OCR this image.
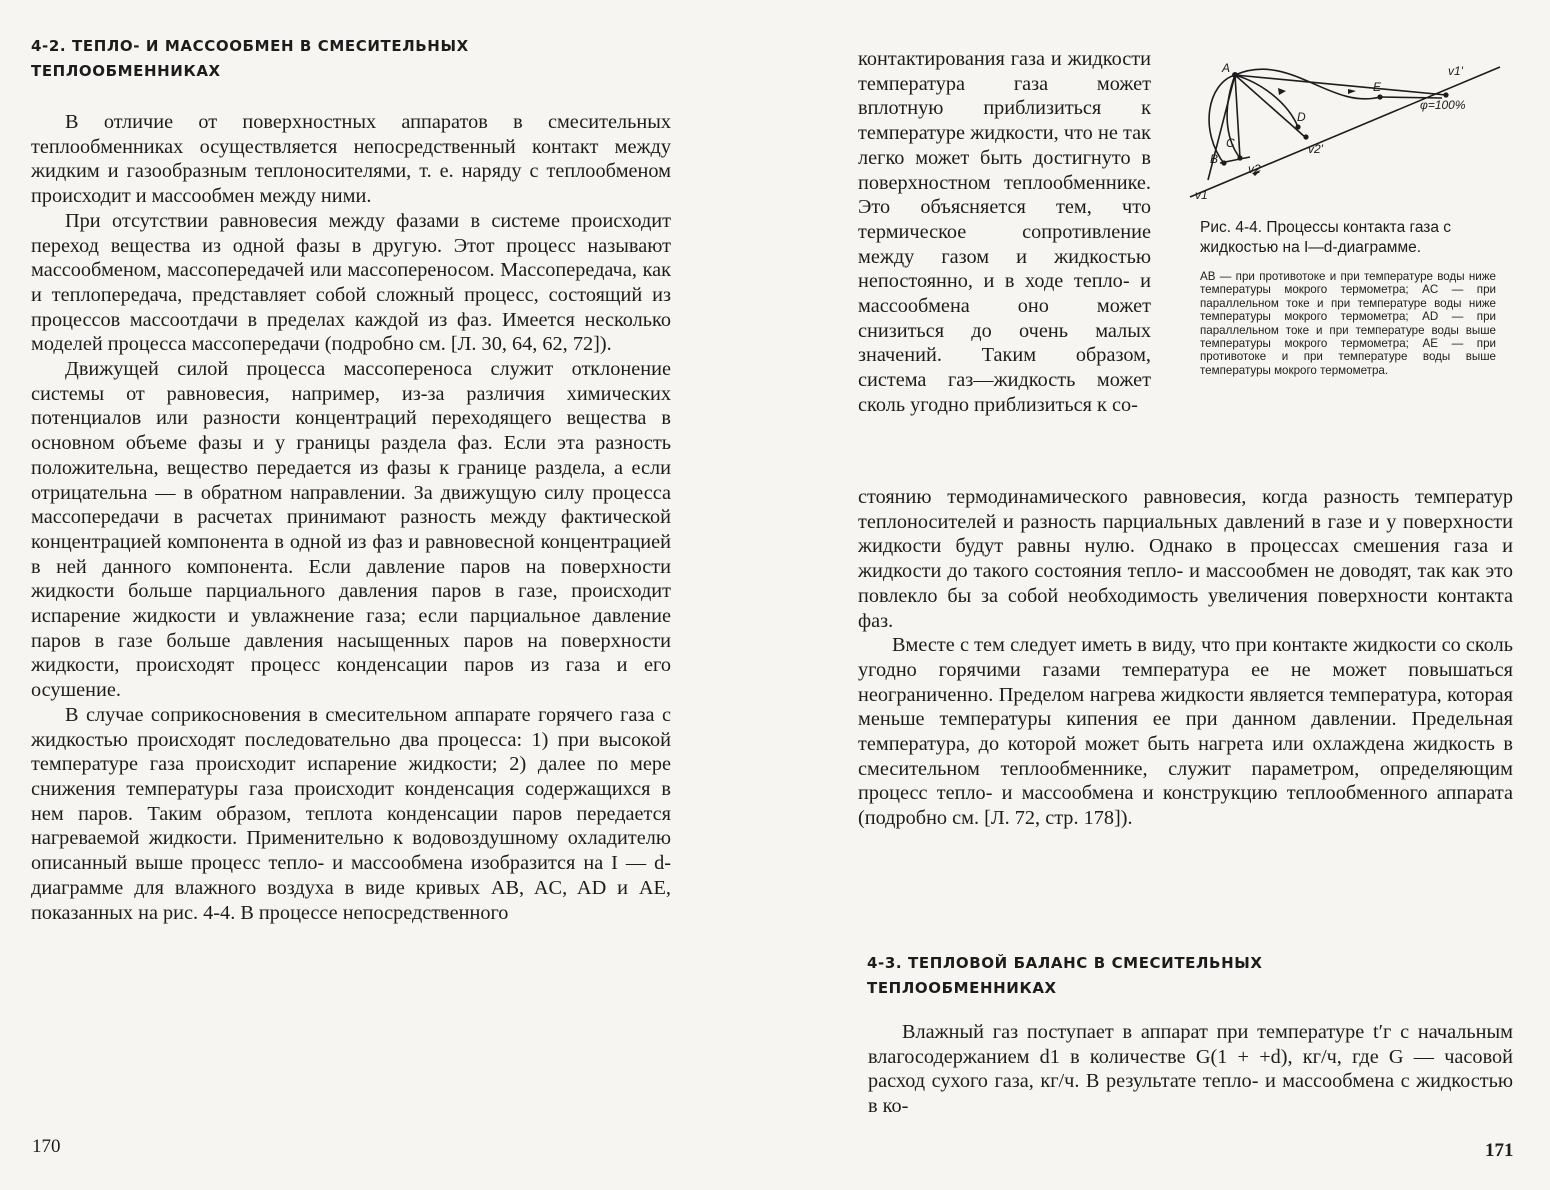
4-2. ТЕПЛО- И МАССООБМЕН В СМЕСИТЕЛЬНЫХ
ТЕПЛООБМЕННИКАХ

В отличие от поверхностных аппаратов в смесительных теплообменниках осуществляется непосредственный контакт между жидким и газообразным теплоносителями, т. е. наряду с теплообменом происходит и массообмен между ними.

При отсутствии равновесия между фазами в системе происходит переход вещества из одной фазы в другую. Этот процесс называют массообменом, массопередачей или массопереносом. Массопередача, как и теплопередача, представляет собой сложный процесс, состоящий из процессов массоотдачи в пределах каждой из фаз. Имеется несколько моделей процесса массопередачи (подробно см. [Л. 30, 64, 62, 72]).

Движущей силой процесса массопереноса служит отклонение системы от равновесия, например, из-за различия химических потенциалов или разности концентраций переходящего вещества в основном объеме фазы и у границы раздела фаз. Если эта разность положительна, вещество передается из фазы к границе раздела, а если отрицательна — в обратном направлении. За движущую силу процесса массопередачи в расчетах принимают разность между фактической концентрацией компонента в одной из фаз и равновесной концентрацией в ней данного компонента. Если давление паров на поверхности жидкости больше парциального давления паров в газе, происходит испарение жидкости и увлажнение газа; если парциальное давление паров в газе больше давления насыщенных паров на поверхности жидкости, происходят процесс конденсации паров из газа и его осушение.

В случае соприкосновения в смесительном аппарате горячего газа с жидкостью происходят последовательно два процесса: 1) при высокой температуре газа происходит испарение жидкости; 2) далее по мере снижения температуры газа происходит конденсация содержащихся в нем паров. Таким образом, теплота конденсации паров передается нагреваемой жидкости. Применительно к водовоздушному охладителю описанный выше процесс тепло- и массообмена изобразится на I — d-диаграмме для влажного воздуха в виде кривых AB, AC, AD и AE, показанных на рис. 4-4. В процессе непосредственного

170

контактирования газа и жидкости температура газа может вплотную приблизиться к температуре жидкости, что не так легко может быть достигнуто в поверхностном теплообменнике. Это объясняется тем, что термическое сопротивление между газом и жидкостью непостоянно, и в ходе тепло- и массообмена оно может снизиться до очень малых значений. Таким образом, система газ—жидкость может сколь угодно приблизиться к со-

A
B
C
D
E
v1'
v2'
v2
v1
φ=100%

Рис. 4-4. Процессы контакта газа с жидкостью на I—d-диаграмме.

AB — при противотоке и при температуре воды ниже температуры мокрого термометра; AC — при параллельном токе и при температуре воды ниже температуры мокрого термометра; AD — при параллельном токе и при температуре воды выше температуры мокрого термометра; AE — при противотоке и при температуре воды выше температуры мокрого термометра.

стоянию термодинамического равновесия, когда разность температур теплоносителей и разность парциальных давлений в газе и у поверхности жидкости будут равны нулю. Однако в процессах смешения газа и жидкости до такого состояния тепло- и массообмен не доводят, так как это повлекло бы за собой необходимость увеличения поверхности контакта фаз.

Вместе с тем следует иметь в виду, что при контакте жидкости со сколь угодно горячими газами температура ее не может повышаться неограниченно. Пределом нагрева жидкости является температура, которая меньше температуры кипения ее при данном давлении. Предельная температура, до которой может быть нагрета или охлаждена жидкость в смесительном теплообменнике, служит параметром, определяющим процесс тепло- и массообмена и конструкцию теплообменного аппарата (подробно см. [Л. 72, стр. 178]).

4-3. ТЕПЛОВОЙ БАЛАНС В СМЕСИТЕЛЬНЫХ
ТЕПЛООБМЕННИКАХ

Влажный газ поступает в аппарат при температуре t′г с начальным влагосодержанием d1 в количестве G(1 + +d), кг/ч, где G — часовой расход сухого газа, кг/ч. В результате тепло- и массообмена с жидкостью в ко-

171
